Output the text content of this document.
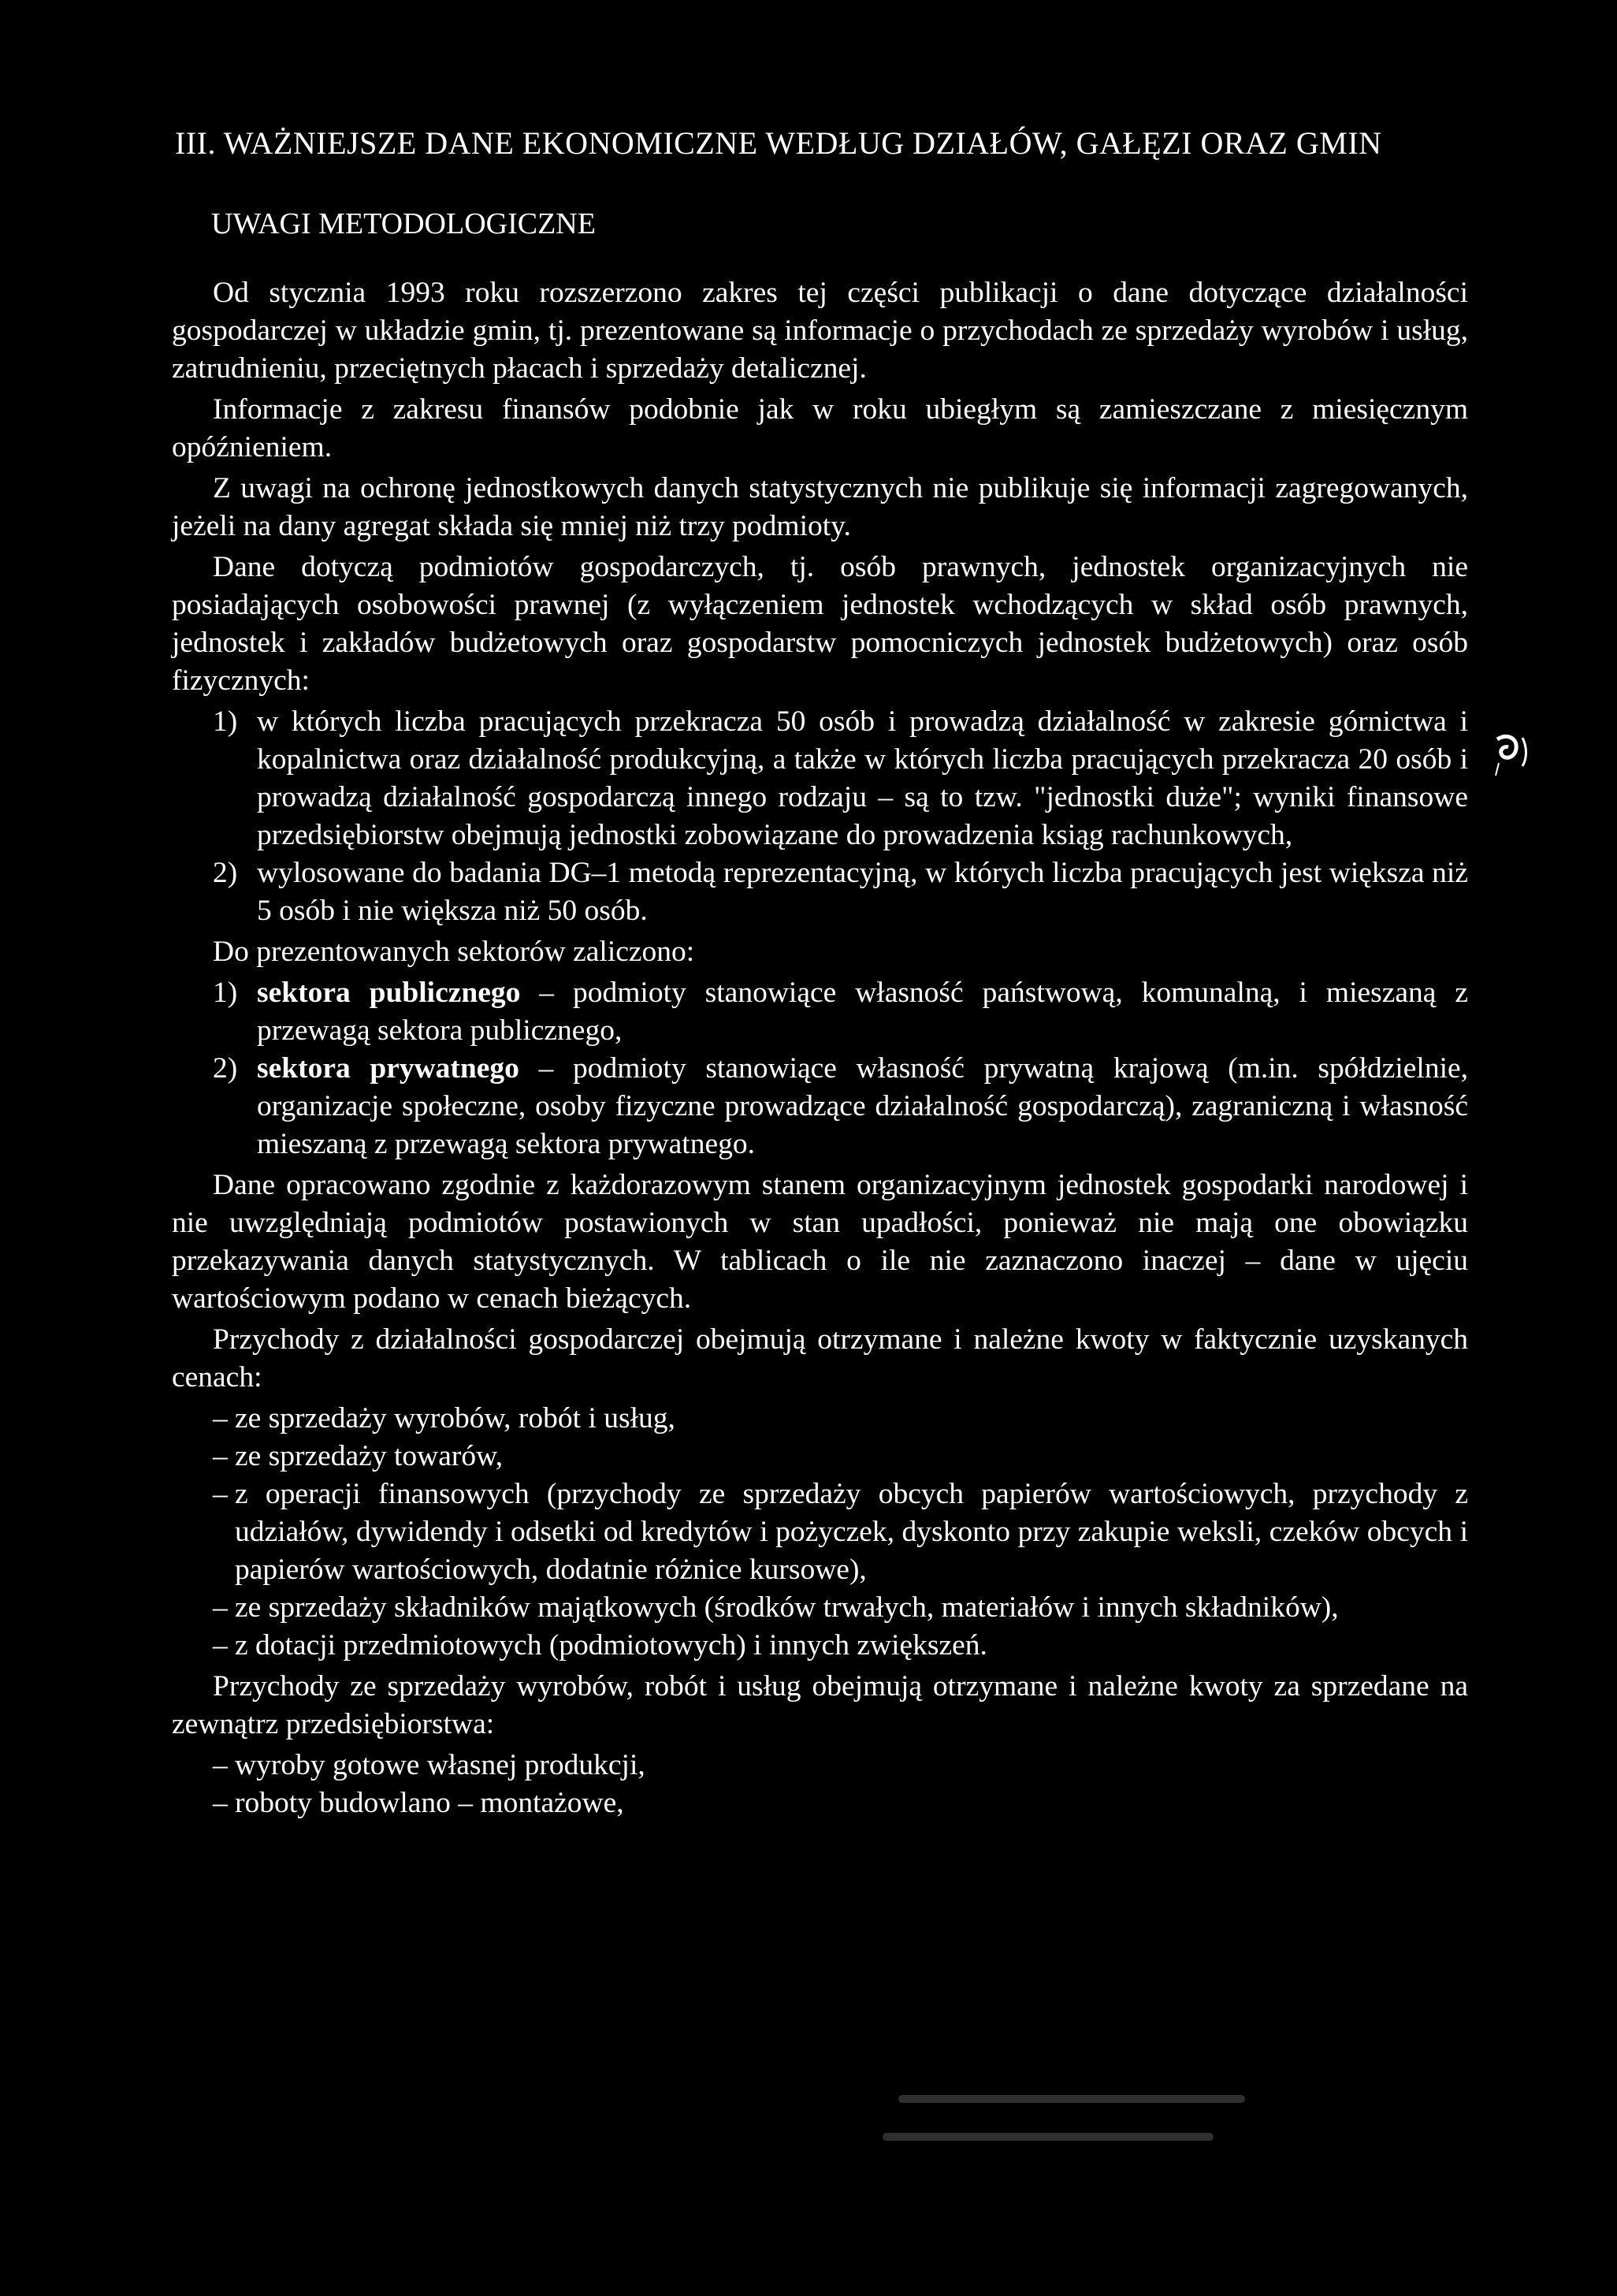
III. WAŻNIEJSZE DANE EKONOMICZNE WEDŁUG DZIAŁÓW, GAŁĘZI ORAZ GMIN
UWAGI METODOLOGICZNE

Od stycznia 1993 roku rozszerzono zakres tej części publikacji o dane dotyczące działalności gospodarczej w układzie gmin, tj. prezentowane są informacje o przychodach ze sprzedaży wyrobów i usług, zatrudnieniu, przeciętnych płacach i sprzedaży detalicznej.

Informacje z zakresu finansów podobnie jak w roku ubiegłym są zamieszczane z miesięcznym opóźnieniem.

Z uwagi na ochronę jednostkowych danych statystycznych nie publikuje się informacji zagregowanych, jeżeli na dany agregat składa się mniej niż trzy podmioty.

Dane dotyczą podmiotów gospodarczych, tj. osób prawnych, jednostek organizacyjnych nie posiadających osobowości prawnej (z wyłączeniem jednostek wchodzących w skład osób prawnych, jednostek i zakładów budżetowych oraz gospodarstw pomocniczych jednostek budżetowych) oraz osób fizycznych:

1) w których liczba pracujących przekracza 50 osób i prowadzą działalność w zakresie górnictwa i kopalnictwa oraz działalność produkcyjną, a także w których liczba pracujących przekracza 20 osób i prowadzą działalność gospodarczą innego rodzaju – są to tzw. "jednostki duże"; wyniki finansowe przedsiębiorstw obejmują jednostki zobowiązane do prowadzenia ksiąg rachunkowych,
2) wylosowane do badania DG–1 metodą reprezentacyjną, w których liczba pracujących jest większa niż 5 osób i nie większa niż 50 osób.

Do prezentowanych sektorów zaliczono:

1) sektora publicznego – podmioty stanowiące własność państwową, komunalną, i mieszaną z przewagą sektora publicznego,
2) sektora prywatnego – podmioty stanowiące własność prywatną krajową (m.in. spółdzielnie, organizacje społeczne, osoby fizyczne prowadzące działalność gospodarczą), zagraniczną i własność mieszaną z przewagą sektora prywatnego.

Dane opracowano zgodnie z każdorazowym stanem organizacyjnym jednostek gospodarki narodowej i nie uwzględniają podmiotów postawionych w stan upadłości, ponieważ nie mają one obowiązku przekazywania danych statystycznych. W tablicach o ile nie zaznaczono inaczej – dane w ujęciu wartościowym podano w cenach bieżących.

Przychody z działalności gospodarczej obejmują otrzymane i należne kwoty w faktycznie uzyskanych cenach:

– ze sprzedaży wyrobów, robót i usług,
– ze sprzedaży towarów,
– z operacji finansowych (przychody ze sprzedaży obcych papierów wartościowych, przychody z udziałów, dywidendy i odsetki od kredytów i pożyczek, dyskonto przy zakupie weksli, czeków obcych i papierów wartościowych, dodatnie różnice kursowe),
– ze sprzedaży składników majątkowych (środków trwałych, materiałów i innych składników),
– z dotacji przedmiotowych (podmiotowych) i innych zwiększeń.

Przychody ze sprzedaży wyrobów, robót i usług obejmują otrzymane i należne kwoty za sprzedane na zewnątrz przedsiębiorstwa:

– wyroby gotowe własnej produkcji,
– roboty budowlano – montażowe,
